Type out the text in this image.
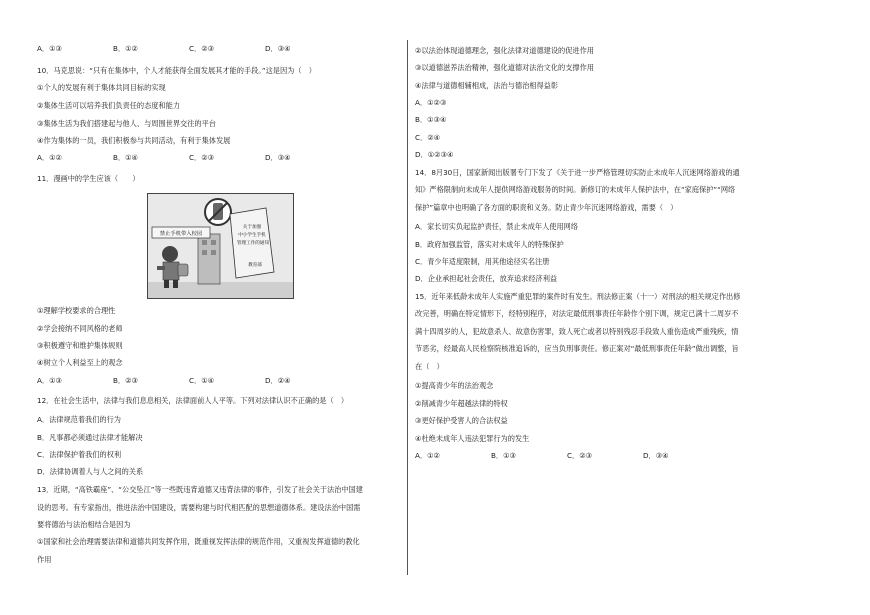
A．①③	B．①②	C．②③	D．③④
10．马克思说：“只有在集体中，个人才能获得全面发展其才能的手段。”这是因为（　）
①个人的发展有利于集体共同目标的实现
②集体生活可以培养我们负责任的态度和能力
③集体生活为我们搭建起与他人、与周围世界交往的平台
④作为集体的一员，我们积极参与共同活动，有利于集体发展
A．①②	B．①④	C．②③	D．③④
11．漫画中的学生应该（　　）
禁止手机带入校园
关于加强
中小学生手机
管理工作的通知
教育部
①理解学校要求的合理性
②学会接纳不同风格的老师
③积极遵守和维护集体规则
④树立个人利益至上的观念
A．①③	B．②③	C．①④	D．②④
12．在社会生活中，法律与我们息息相关，法律面前人人平等。下列对法律认识不正确的是（　）
A．法律规范着我们的行为
B．凡事都必须通过法律才能解决
C．法律保护着我们的权利
D．法律协调着人与人之间的关系
13．近期，“高铁霸座”、“公交坠江”等一些既违背道德又违背法律的事件，引发了社会关于法治中国建
设的思考。有专家指出，推进法治中国建设，需要构建与时代相匹配的思想道德体系。建设法治中国需
要将德治与法治相结合是因为
①国家和社会治理需要法律和道德共同发挥作用，既重视发挥法律的规范作用，又重视发挥道德的教化
作用
②以法治体现道德理念，强化法律对道德建设的促进作用
③以道德滋养法治精神，强化道德对法治文化的支撑作用
④法律与道德相辅相成，法治与德治相得益彰
A．①②③
B．①③④
C．②④
D．①②③④
14．8月30日，国家新闻出版署专门下发了《关于进一步严格管理切实防止未成年人沉迷网络游戏的通
知》严格限制向未成年人提供网络游戏服务的时间。新修订的未成年人保护法中，在“家庭保护”“网络
保护”篇章中也明确了各方面的职责和义务。防止青少年沉迷网络游戏，需要（　）
A．家长切实负起监护责任，禁止未成年人使用网络
B．政府加强监管，落实对未成年人的特殊保护
C．青少年适度限制，用其他途径实名注册
D．企业承担起社会责任，放弃追求经济利益
15．近年来低龄未成年人实施严重犯罪的案件时有发生。刑法修正案（十一）对刑法的相关规定作出修
改完善，明确在特定情形下，经特别程序，对法定最低刑事责任年龄作个别下调，规定已满十二周岁不
满十四周岁的人，犯故意杀人、故意伤害罪，致人死亡或者以特别残忍手段致人重伤造成严重残疾，情
节恶劣，经最高人民检察院核准追诉的，应当负刑事责任。修正案对“最低刑事责任年龄”做出调整，旨
在（　）
①提高青少年的法治观念
②削减青少年超越法律的特权
③更好保护受害人的合法权益
④杜绝未成年人违法犯罪行为的发生
A．①②	B．①③	C．②③	D．③④
